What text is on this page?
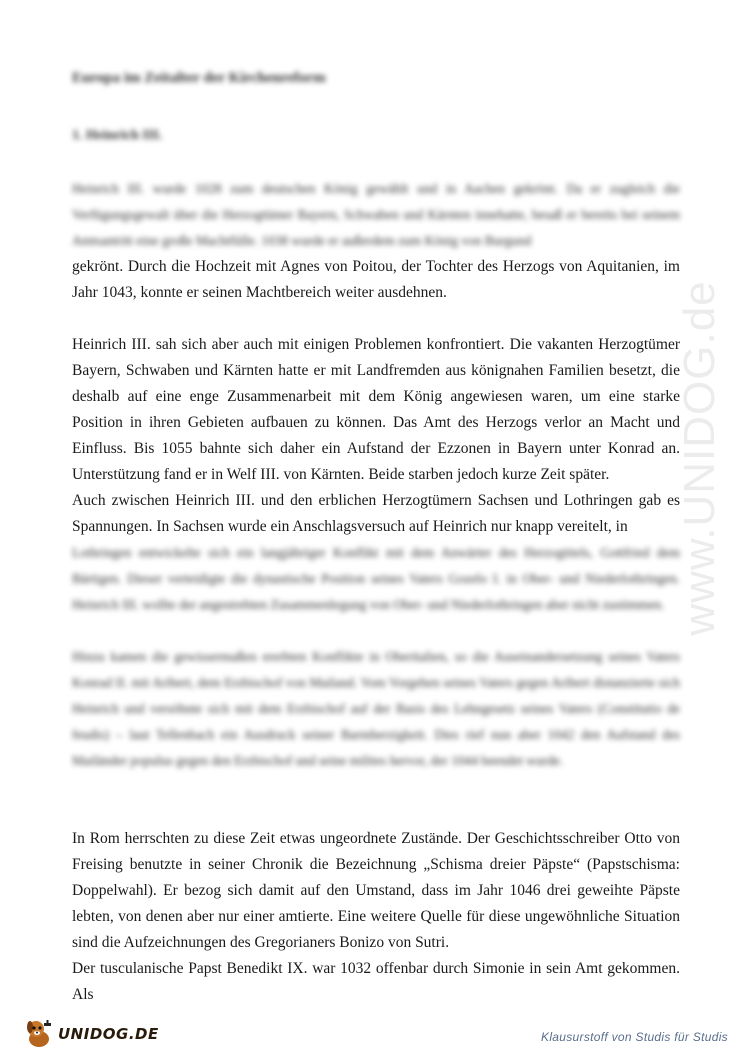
Europa im Zeitalter der Kirchenreform
1. Heinrich III.

Heinrich III. wurde 1028 zum deutschen König gewählt und in Aachen gekrönt. Da er zugleich die Verfügungsgewalt über die Herzogtümer Bayern, Schwaben und Kärnten innehatte, besaß er bereits bei seinem Amtsantritt eine große Machtfülle. 1038 wurde er außerdem zum König von Burgund

gekrönt. Durch die Hochzeit mit Agnes von Poitou, der Tochter des Herzogs von Aquitanien, im Jahr 1043, konnte er seinen Machtbereich weiter ausdehnen.

Heinrich III. sah sich aber auch mit einigen Problemen konfrontiert. Die vakanten Herzogtümer Bayern, Schwaben und Kärnten hatte er mit Landfremden aus könignahen Familien besetzt, die deshalb auf eine enge Zusammenarbeit mit dem König angewiesen waren, um eine starke Position in ihren Gebieten aufbauen zu können. Das Amt des Herzogs verlor an Macht und Einfluss. Bis 1055 bahnte sich daher ein Aufstand der Ezzonen in Bayern unter Konrad an. Unterstützung fand er in Welf III. von Kärnten. Beide starben jedoch kurze Zeit später.

Auch zwischen Heinrich III. und den erblichen Herzogtümern Sachsen und Lothringen gab es Spannungen. In Sachsen wurde ein Anschlagsversuch auf Heinrich nur knapp vereitelt, in

Lothringen entwickelte sich ein langjähriger Konflikt mit dem Anwärter des Herzogtitels, Gottfried dem Bärtigen. Dieser verteidigte die dynastische Position seines Vaters Gozelo I. in Ober- und Niederlothringen. Heinrich III. wollte der angestrebten Zusammenlegung von Ober- und Niederlothringen aber nicht zustimmen.

Hinzu kamen die gewissermaßen ererbten Konflikte in Oberitalien, so die Auseinandersetzung seines Vaters Konrad II. mit Aribert, dem Erzbischof von Mailand. Vom Vorgehen seines Vaters gegen Aribert distanzierte sich Heinrich und versöhnte sich mit dem Erzbischof auf der Basis des Lehngesetz seines Vaters (Constitutio de feudis) – laut Tellenbach ein Ausdruck seiner Barmherzigkeit. Dies rief nun aber 1042 den Aufstand des Mailänder populus gegen den Erzbischof und seine milites hervor, der 1044 beendet wurde.

In Rom herrschten zu diese Zeit etwas ungeordnete Zustände. Der Geschichtsschreiber Otto von Freising benutzte in seiner Chronik die Bezeichnung „Schisma dreier Päpste“ (Papstschisma: Doppelwahl). Er bezog sich damit auf den Umstand, dass im Jahr 1046 drei geweihte Päpste lebten, von denen aber nur einer amtierte. Eine weitere Quelle für diese ungewöhnliche Situation sind die Aufzeichnungen des Gregorianers Bonizo von Sutri.

Der tusculanische Papst Benedikt IX. war 1032 offenbar durch Simonie in sein Amt gekommen. Als

www.UNIDOG.de
UNIDOG.DE	Klausurstoff von Studis für Studis
